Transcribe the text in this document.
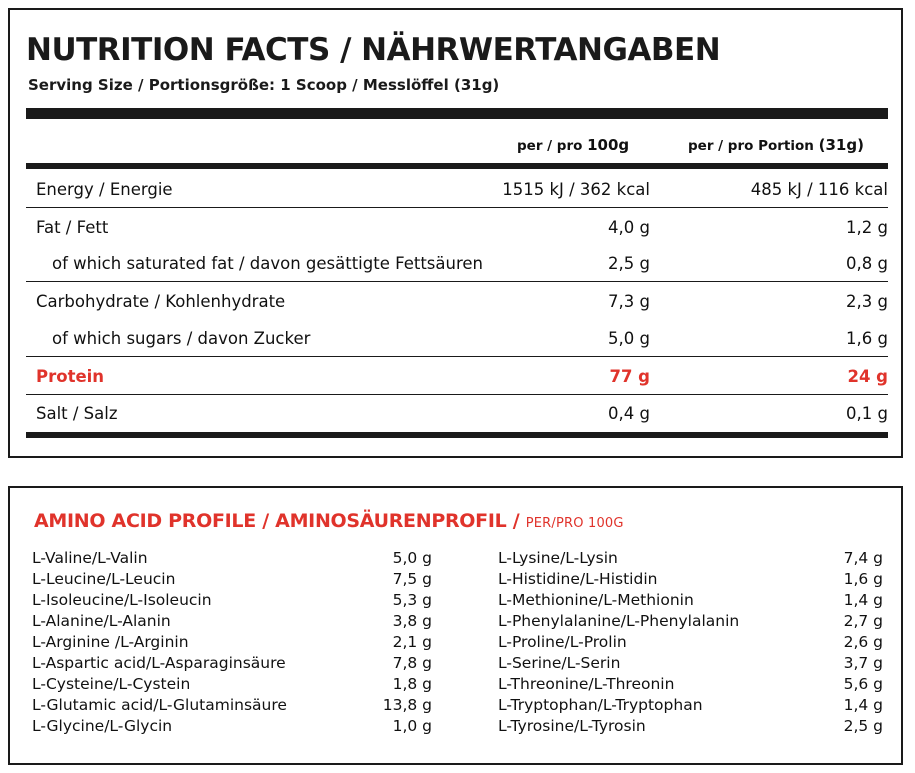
NUTRITION FACTS / NÄHRWERTANGABEN

Serving Size / Portionsgröße: 1 Scoop / Messlöffel (31g)

per / pro 100g	per / pro Portion (31g)
Energy / Energie	1515 kJ / 362 kcal	485 kJ / 116 kcal
Fat / Fett	4,0 g	1,2 g
of which saturated fat / davon gesättigte Fettsäuren	2,5 g	0,8 g
Carbohydrate / Kohlenhydrate	7,3 g	2,3 g
of which sugars / davon Zucker	5,0 g	1,6 g
Protein	77 g	24 g
Salt / Salz	0,4 g	0,1 g
AMINO ACID PROFILE / AMINOSÄURENPROFIL / PER/PRO 100G
L-Valine/L-Valin	5,0 g
L-Leucine/L-Leucin	7,5 g
L-Isoleucine/L-Isoleucin	5,3 g
L-Alanine/L-Alanin	3,8 g
L-Arginine /L-Arginin	2,1 g
L-Aspartic acid/L-Asparaginsäure	7,8 g
L-Cysteine/L-Cystein	1,8 g
L-Glutamic acid/L-Glutaminsäure	13,8 g
L-Glycine/L-Glycin	1,0 g
L-Lysine/L-Lysin	7,4 g
L-Histidine/L-Histidin	1,6 g
L-Methionine/L-Methionin	1,4 g
L-Phenylalanine/L-Phenylalanin	2,7 g
L-Proline/L-Prolin	2,6 g
L-Serine/L-Serin	3,7 g
L-Threonine/L-Threonin	5,6 g
L-Tryptophan/L-Tryptophan	1,4 g
L-Tyrosine/L-Tyrosin	2,5 g
